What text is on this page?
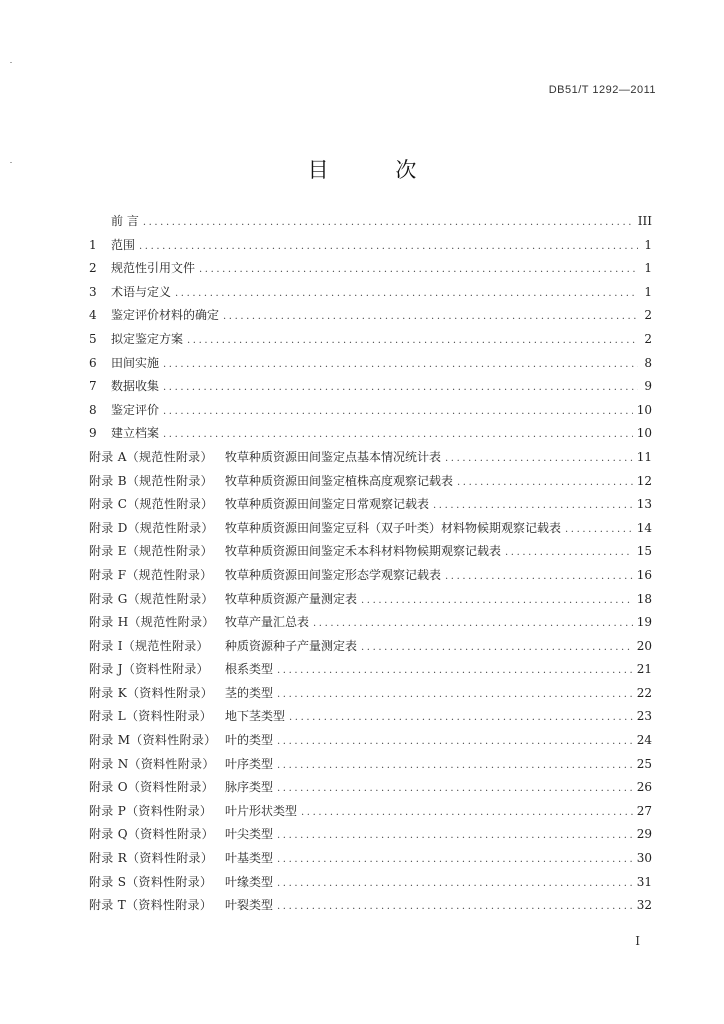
DB51/T 1292—2011
目 次
前 言 .....	III
1	范围 .....	1
2	规范性引用文件 .....	1
3	术语与定义 .....	1
4	鉴定评价材料的确定 .....	2
5	拟定鉴定方案 .....	2
6	田间实施 .....	8
7	数据收集 .....	9
8	鉴定评价 .....	10
9	建立档案 .....	10
附录 A（规范性附录）	牧草种质资源田间鉴定点基本情况统计表 .....	11
附录 B（规范性附录）	牧草种质资源田间鉴定植株高度观察记载表 .....	12
附录 C（规范性附录） 牧草种质资源田间鉴定日常观察记载表 .....	13
附录 D（规范性附录） 牧草种质资源田间鉴定豆科（双子叶类）材料物候期观察记载表 .....	14
附录 E（规范性附录）	牧草种质资源田间鉴定禾本科材料物候期观察记载表 .....	15
附录 F（规范性附录）	牧草种质资源田间鉴定形态学观察记载表 .....	16
附录 G（规范性附录） 牧草种质资源产量测定表 .....	18
附录 H（规范性附录） 牧草产量汇总表 .....	19
附录 I（规范性附录）	种质资源种子产量测定表 .....	20
附录 J（资料性附录）	根系类型 .....	21
附录 K（资料性附录） 茎的类型 .....	22
附录 L（资料性附录）	地下茎类型 .....	23
附录 M（资料性附录） 叶的类型 .....	24
附录 N（资料性附录） 叶序类型 .....	25
附录 O（资料性附录） 脉序类型 .....	26
附录 P（资料性附录）	叶片形状类型 .....	27
附录 Q（资料性附录） 叶尖类型 .....	29
附录 R（资料性附录） 叶基类型 .....	30
附录 S（资料性附录）	叶缘类型 .....	31
附录 T（资料性附录）	叶裂类型 .....	32
I
